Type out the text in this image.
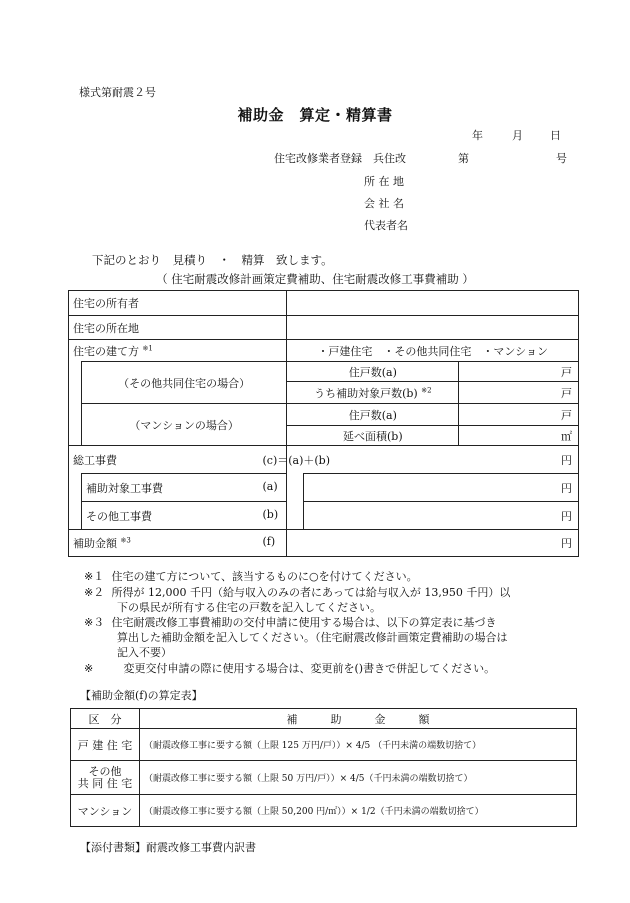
様式第耐震２号
補助金　算定・精算書
年	月 日
住宅改修業者登録　兵住改	第	号
所 在 地
会 社 名
代表者名
下記のとおり　見積り　・　精算　致します。
（ 住宅耐震改修計画策定費補助、住宅耐震改修工事費補助 ）
住宅の所有者				
住宅の所在地				
住宅の建て方 $^{※1}$		・戸建住宅　・その他共同住宅　・マンション		
	（その他共同住宅の場合）	住戸数(a)		戸
		うち補助対象戸数(b) $^{※2}$		戸
	（マンションの場合）	住戸数(a)		戸
		延べ面積(b)		㎡
総工事費 (c)＝(a)＋(b)		円		
	補助対象工事費 (a)		円	
	その他工事費 (b)		円	
補助金額 $^{※3}$ (f)		円		
※１ 住宅の建て方について、該当するものに○を付けてください。
※２ 所得が 12,000 千円（給与収入のみの者にあっては給与収入が 13,950 千円）以
下の県民が所有する住宅の戸数を記入してください。
※３ 住宅耐震改修工事費補助の交付申請に使用する場合は、以下の算定表に基づき
算出した補助金額を記入してください。（住宅耐震改修計画策定費補助の場合は
記入不要）
※	変更交付申請の際に使用する場合は、変更前を()書きで併記してください。
【補助金額(f)の算定表】
区　分	補　　　助　　　金　　　額
戸 建 住 宅	（耐震改修工事に要する額（上限 125 万円/戸））× 4/5 （千円未満の端数切捨て）

その他
共 同 住 宅	（耐震改修工事に要する額（上限 50 万円/戸））× 4/5（千円未満の端数切捨て）
マンション	（耐震改修工事に要する額（上限 50,200 円/㎡））× 1/2（千円未満の端数切捨て）
【添付書類】耐震改修工事費内訳書
